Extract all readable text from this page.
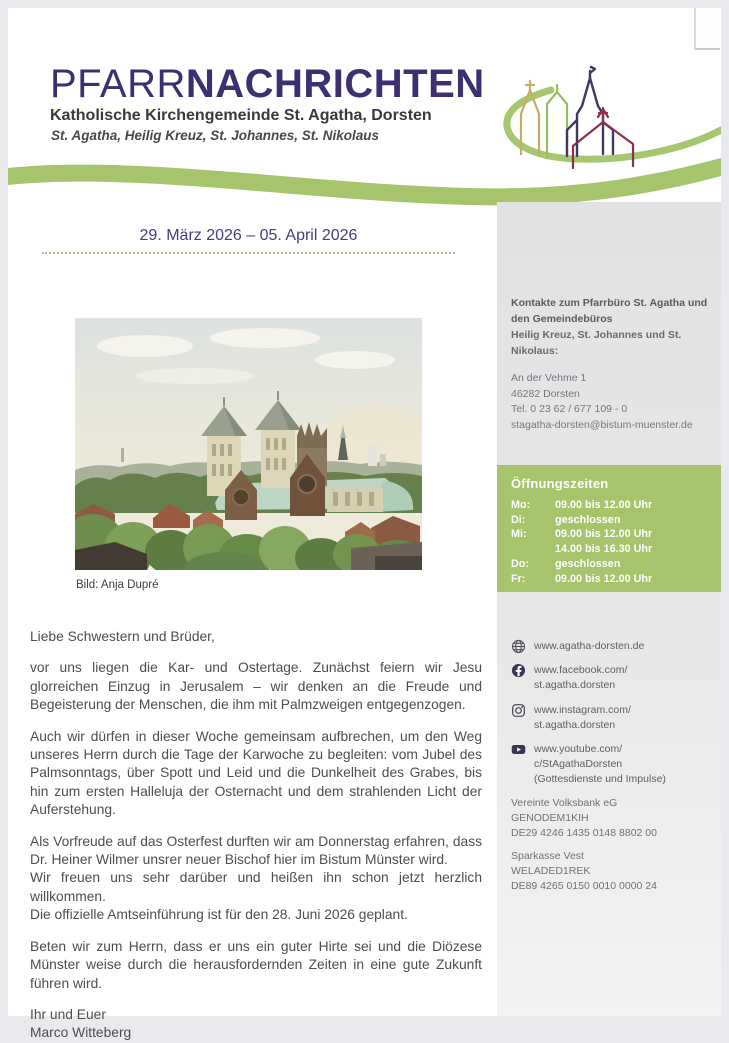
PFARRNACHRICHTEN
Katholische Kirchengemeinde St. Agatha, Dorsten
St. Agatha, Heilig Kreuz, St. Johannes, St. Nikolaus
29. März 2026 – 05. April 2026
Bild: Anja Dupré

Liebe Schwestern und Brüder,

vor uns liegen die Kar- und Ostertage. Zunächst feiern wir Jesu glorreichen Einzug in Jerusalem – wir denken an die Freude und Begeisterung der Menschen, die ihm mit Palmzweigen entgegenzogen.

Auch wir dürfen in dieser Woche gemeinsam aufbrechen, um den Weg unseres Herrn durch die Tage der Karwoche zu begleiten: vom Jubel des Palmsonntags, über Spott und Leid und die Dunkelheit des Grabes, bis hin zum ersten Halleluja der Osternacht und dem strahlenden Licht der Auferstehung.

Als Vorfreude auf das Osterfest durften wir am Donnerstag erfahren, dass Dr. Heiner Wilmer unsrer neuer Bischof hier im Bistum Münster wird.
Wir freuen uns sehr darüber und heißen ihn schon jetzt herzlich willkommen.
Die offizielle Amtseinführung ist für den 28. Juni 2026 geplant.

Beten wir zum Herrn, dass er uns ein guter Hirte sei und die Diözese Münster weise durch die herausfordernden Zeiten in eine gute Zukunft führen wird.

Ihr und Euer
Marco Witteberg

Kontakte zum Pfarrbüro St. Agatha und den Gemeindebüros
Heilig Kreuz, St. Johannes und St. Nikolaus:
An der Vehme 1
46282 Dorsten
Tel. 0 23 62 / 677 109 - 0
stagatha-dorsten@bistum-muenster.de
Öffnungszeiten
Mo:	09.00 bis 12.00 Uhr
Di:	geschlossen
Mi:	09.00 bis 12.00 Uhr
14.00 bis 16.30 Uhr
Do:	geschlossen
Fr:	09.00 bis 12.00 Uhr
www.agatha-dorsten.de
www.facebook.com/
st.agatha.dorsten
www.instagram.com/
st.agatha.dorsten
www.youtube.com/
c/StAgathaDorsten
(Gottesdienste und Impulse)
Vereinte Volksbank eG
GENODEM1KIH
DE29 4246 1435 0148 8802 00
Sparkasse Vest
WELADED1REK
DE89 4265 0150 0010 0000 24
